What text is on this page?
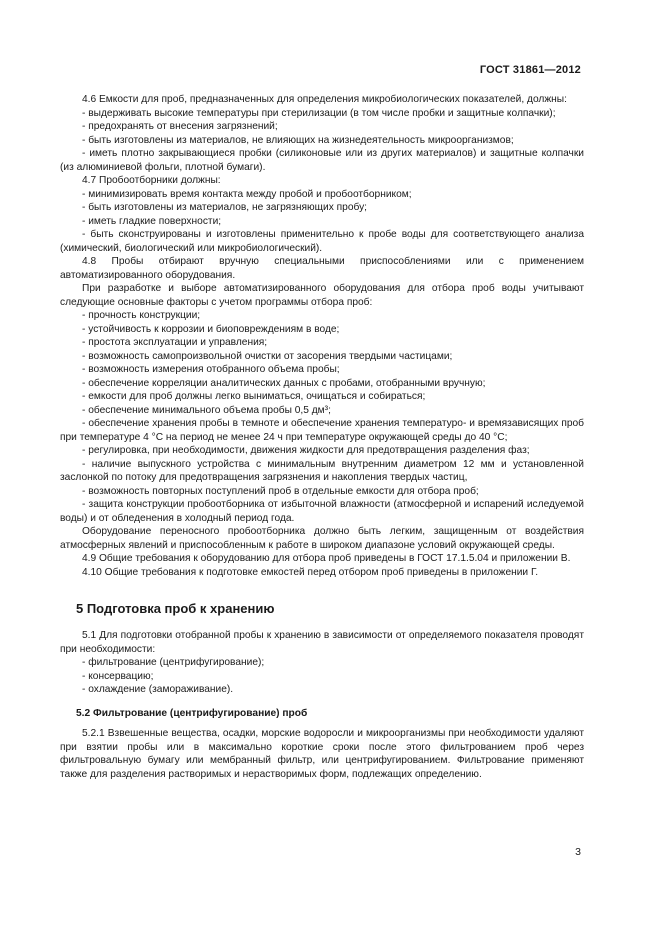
ГОСТ 31861—2012

4.6 Емкости для проб, предназначенных для определения микробиологических показателей, должны:

- выдерживать высокие температуры при стерилизации (в том числе пробки и защитные колпачки);

- предохранять от внесения загрязнений;

- быть изготовлены из материалов, не влияющих на жизнедеятельность микроорганизмов;

- иметь плотно закрывающиеся пробки (силиконовые или из других материалов) и защитные колпачки (из алюминиевой фольги, плотной бумаги).

4.7 Пробоотборники должны:

- минимизировать время контакта между пробой и пробоотборником;

- быть изготовлены из материалов, не загрязняющих пробу;

- иметь гладкие поверхности;

- быть сконструированы и изготовлены применительно к пробе воды для соответствующего анализа (химический, биологический или микробиологический).

4.8 Пробы отбирают вручную специальными приспособлениями или с применением автоматизированного оборудования.

При разработке и выборе автоматизированного оборудования для отбора проб воды учитывают следующие основные факторы с учетом программы отбора проб:

- прочность конструкции;

- устойчивость к коррозии и биоповреждениям в воде;

- простота эксплуатации и управления;

- возможность самопроизвольной очистки от засорения твердыми частицами;

- возможность измерения отобранного объема пробы;

- обеспечение корреляции аналитических данных с пробами, отобранными вручную;

- емкости для проб должны легко выниматься, очищаться и собираться;

- обеспечение минимального объема пробы 0,5 дм³;

- обеспечение хранения пробы в темноте и обеспечение хранения температуро- и времязависящих проб при температуре 4 °С на период не менее 24 ч при температуре окружающей среды до 40 °С;

- регулировка, при необходимости, движения жидкости для предотвращения разделения фаз;

- наличие выпускного устройства с минимальным внутренним диаметром 12 мм и установленной заслонкой по потоку для предотвращения загрязнения и накопления твердых частиц,

- возможность повторных поступлений проб в отдельные емкости для отбора проб;

- защита конструкции пробоотборника от избыточной влажности (атмосферной и испарений иследуемой воды) и от обледенения в холодный период года.

Оборудование переносного пробоотборника должно быть легким, защищенным от воздействия атмосферных явлений и приспособленным к работе в широком диапазоне условий окружающей среды.

4.9 Общие требования к оборудованию для отбора проб приведены в ГОСТ 17.1.5.04 и приложении В.

4.10 Общие требования к подготовке емкостей перед отбором проб приведены в приложении Г.

5 Подготовка проб к хранению

5.1 Для подготовки отобранной пробы к хранению в зависимости от определяемого показателя проводят при необходимости:

- фильтрование (центрифугирование);

- консервацию;

- охлаждение (замораживание).

5.2 Фильтрование (центрифугирование) проб

5.2.1 Взвешенные вещества, осадки, морские водоросли и микроорганизмы при необходимости удаляют при взятии пробы или в максимально короткие сроки после этого фильтрованием проб через фильтровальную бумагу или мембранный фильтр, или центрифугированием. Фильтрование применяют также для разделения растворимых и нерастворимых форм, подлежащих определению.

3
